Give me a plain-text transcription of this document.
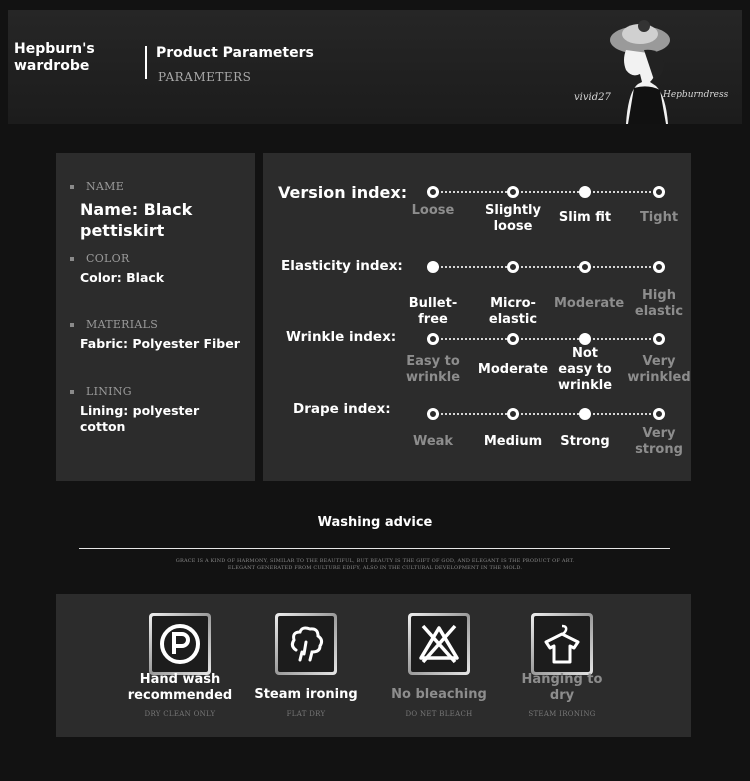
Hepburn's wardrobe
Product Parameters
PARAMETERS
vivid27	Hepburndress
NAME
Name: Black pettiskirt
COLOR
Color: Black
MATERIALS
Fabric: Polyester Fiber
LINING
Lining: polyester cotton
Version index:
Loose	Slightly loose
Slim fit	Tight
Elasticity index:
Bullet-free
Micro-elastic
Moderate
High elastic
Wrinkle index:
Easy to wrinkle
Moderate
Not easy to wrinkle
Very wrinkled
Drape index:
Weak	Medium	Strong
Very strong
Washing advice
GRACE IS A KIND OF HARMONY, SIMILAR TO THE BEAUTIFUL, BUT BEAUTY IS THE GIFT OF GOD, AND ELEGANT IS THE PRODUCT OF ART.
ELEGANT GENERATED FROM CULTURE EDIFY, ALSO IN THE CULTURAL DEVELOPMENT IN THE MOLD.
Hand wash recommended
DRY CLEAN ONLY
Steam ironing
FLAT DRY
No bleaching
DO NET BLEACH
Hanging to dry
STEAM IRONING
